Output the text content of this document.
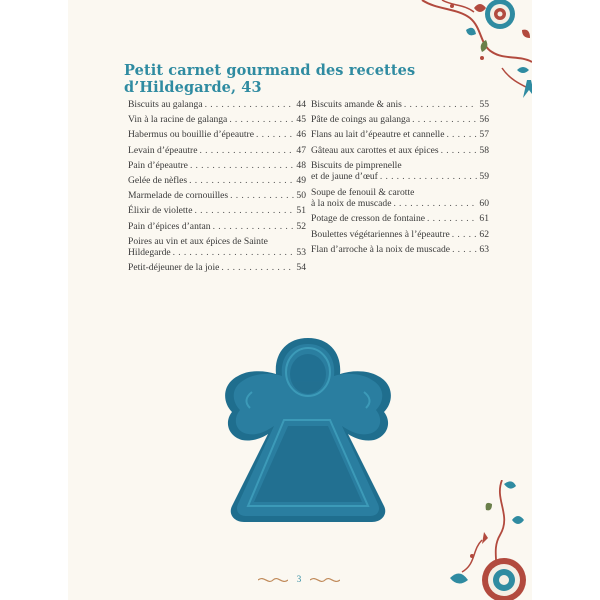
Petit carnet gourmand des recettes
d’Hildegarde, 43
Biscuits au galanga . . .	44
Vin à la racine de galanga . . .	45
Habermus ou bouillie d’épeautre . . .	46
Levain d’épeautre . . .	47
Pain d’épeautre . . .	48
Gelée de nèfles . . .	49
Marmelade de cornouilles . . .	50
Élixir de violette . . .	51
Pain d’épices d’antan . . .	52
Poires au vin et aux épices de Sainte
Hildegarde . . .	53
Petit-déjeuner de la joie . . .	54
Biscuits amande & anis . . .	55
Pâte de coings au galanga . . .	56
Flans au lait d’épeautre et cannelle . . .	57
Gâteau aux carottes et aux épices . . .	58
Biscuits de pimprenelle
et de jaune d’œuf . . .	59
Soupe de fenouil & carotte
à la noix de muscade . . .	60
Potage de cresson de fontaine . . .	61
Boulettes végétariennes à l’épeautre . . .	62
Flan d’arroche à la noix de muscade . . .	63
3
